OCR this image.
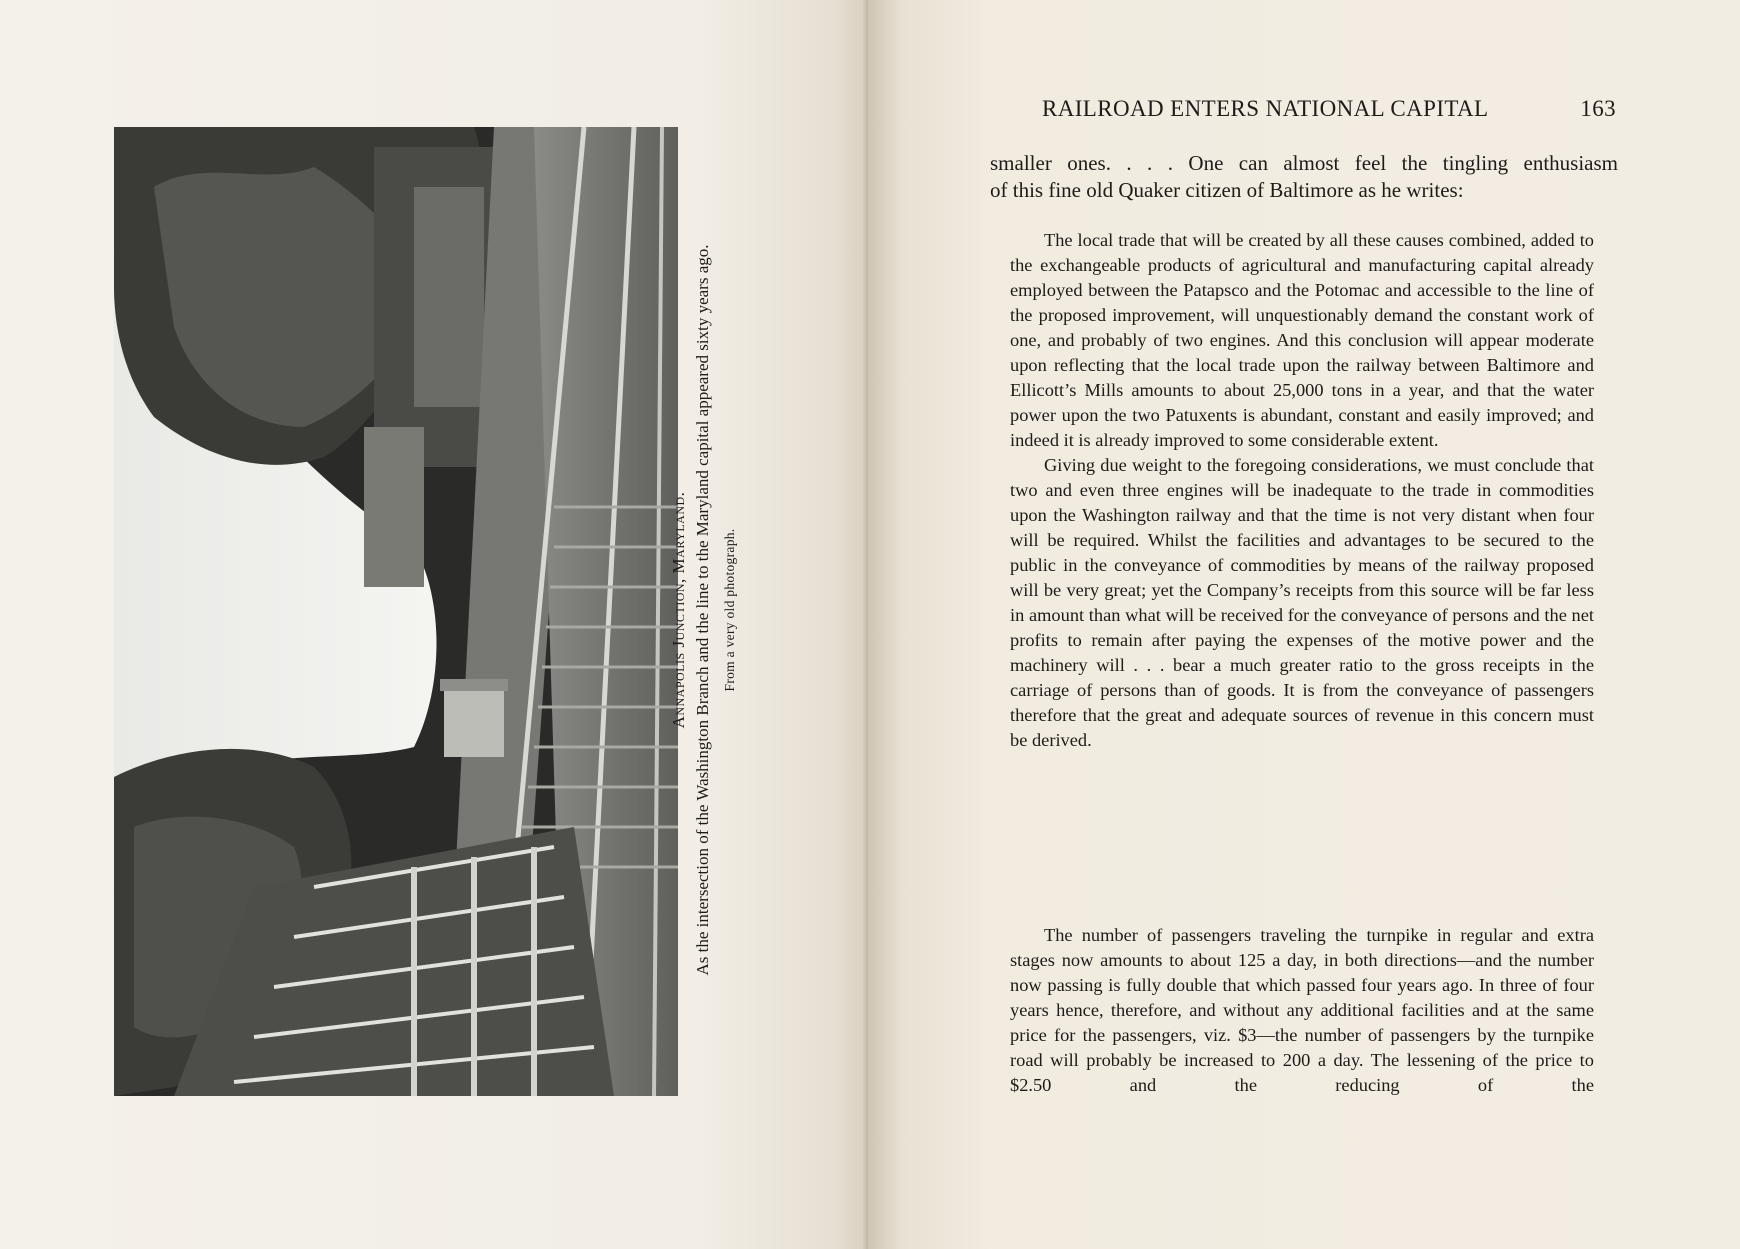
Annapolis Junction, Maryland. As the intersection of the Washington Branch and the line to the Maryland capital appeared sixty years ago. From a very old photograph.
RAILROAD ENTERS NATIONAL CAPITAL	163

smaller ones. . . . One can almost feel the tingling enthusiasm

of this fine old Quaker citizen of Baltimore as he writes:

The local trade that will be created by all these causes combined, added to the exchangeable products of agricultural and manufacturing capital already employed between the Patapsco and the Potomac and accessible to the line of the proposed improvement, will unquestionably demand the constant work of one, and probably of two engines. And this conclusion will appear moderate upon reflecting that the local trade upon the railway between Baltimore and Ellicott’s Mills amounts to about 25,000 tons in a year, and that the water power upon the two Patuxents is abundant, constant and easily improved; and indeed it is already improved to some considerable extent.

Giving due weight to the foregoing considerations, we must conclude that two and even three engines will be inadequate to the trade in commodities upon the Washington railway and that the time is not very distant when four will be required. Whilst the facilities and advantages to be secured to the public in the conveyance of commodities by means of the railway proposed will be very great; yet the Company’s receipts from this source will be far less in amount than what will be received for the conveyance of persons and the net profits to remain after paying the expenses of the motive power and the machinery will . . . bear a much greater ratio to the gross receipts in the carriage of persons than of goods. It is from the conveyance of passengers therefore that the great and adequate sources of revenue in this concern must be derived.

The number of passengers traveling the turnpike in regular and extra stages now amounts to about 125 a day, in both directions—and the number now passing is fully double that which passed four years ago. In three of four years hence, therefore, and without any additional facilities and at the same price for the passengers, viz. $3—the number of passengers by the turnpike road will probably be increased to 200 a day. The lessening of the price to $2.50 and the reducing of the
